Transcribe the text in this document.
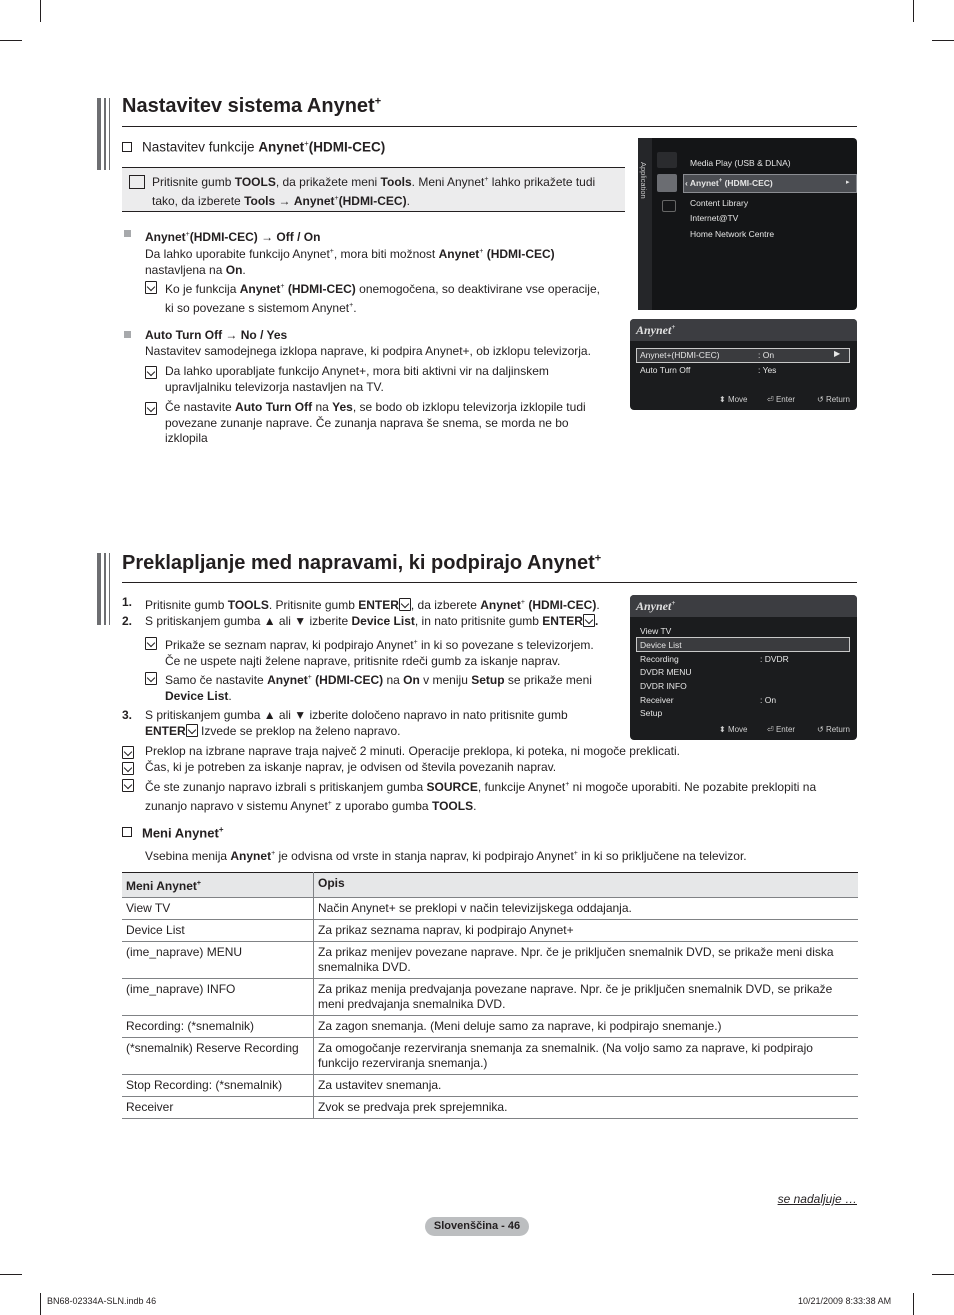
Nastavitev sistema Anynet+
Nastavitev funkcije Anynet+(HDMI-CEC)
Pritisnite gumb TOOLS, da prikažete meni Tools. Meni Anynet+ lahko prikažete tudi
tako, da izberete Tools → Anynet+(HDMI-CEC).
Anynet+(HDMI-CEC) → Off / On
Da lahko uporabite funkcijo Anynet+, mora biti možnost Anynet+ (HDMI-CEC)
nastavljena na On.
Ko je funkcija Anynet+ (HDMI-CEC) onemogočena, so deaktivirane vse operacije,
ki so povezane s sistemom Anynet+.
Auto Turn Off → No / Yes
Nastavitev samodejnega izklopa naprave, ki podpira Anynet+, ob izklopu televizorja.
Da lahko uporabljate funkcijo Anynet+, mora biti aktivni vir na daljinskem
upravljalniku televizorja nastavljen na TV.
Če nastavite Auto Turn Off na Yes, se bodo ob izklopu televizorja izklopile tudi
povezane zunanje naprave. Če zunanja naprava še snema, se morda ne bo
izklopila
Application	Media Play (USB & DLNA)
‹ Anynet+ (HDMI-CEC)	▸
Content Library
Internet@TV
Home Network Centre
Anynet+
Anynet+(HDMI-CEC)	: On	▶
Auto Turn Off	: Yes
⬍ Move ⏎ Enter	↺ Return
Preklapljanje med napravami, ki podpirajo Anynet+
1. Pritisnite gumb TOOLS. Pritisnite gumb ENTER , da izberete Anynet+ (HDMI-CEC).
2. S pritiskanjem gumba ▲ ali ▼ izberite Device List, in nato pritisnite gumb ENTER .
Prikaže se seznam naprav, ki podpirajo Anynet+ in ki so povezane s televizorjem.
Če ne uspete najti želene naprave, pritisnite rdeči gumb za iskanje naprav.
Samo če nastavite Anynet+ (HDMI-CEC) na On v meniju Setup se prikaže meni
Device List.
3. S pritiskanjem gumba ▲ ali ▼ izberite določeno napravo in nato pritisnite gumb
ENTER Izvede se preklop na želeno napravo.
Preklop na izbrane naprave traja največ 2 minuti. Operacije preklopa, ki poteka, ni mogoče preklicati.
Čas, ki je potreben za iskanje naprav, je odvisen od števila povezanih naprav.
Če ste zunanjo napravo izbrali s pritiskanjem gumba SOURCE, funkcije Anynet+ ni mogoče uporabiti. Ne pozabite preklopiti na
zunanjo napravo v sistemu Anynet+ z uporabo gumba TOOLS.
Anynet+
View TV
Device List
Recording	: DVDR
DVDR MENU
DVDR INFO
Receiver	: On
Setup
⬍ Move ⏎ Enter	↺ Return
Meni Anynet+
Vsebina menija Anynet+ je odvisna od vrste in stanja naprav, ki podpirajo Anynet+ in ki so priključene na televizor.
Meni Anynet+	Opis
View TV	Način Anynet+ se preklopi v način televizijskega oddajanja.
Device List	Za prikaz seznama naprav, ki podpirajo Anynet+
(ime_naprave) MENU	Za prikaz menijev povezane naprave. Npr. če je priključen snemalnik DVD, se prikaže meni diska snemalnika DVD.
(ime_naprave) INFO	Za prikaz menija predvajanja povezane naprave. Npr. če je priključen snemalnik DVD, se prikaže meni predvajanja snemalnika DVD.
Recording: (*snemalnik)	Za zagon snemanja. (Meni deluje samo za naprave, ki podpirajo snemanje.)
(*snemalnik) Reserve Recording	Za omogočanje rezerviranja snemanja za snemalnik. (Na voljo samo za naprave, ki podpirajo funkcijo rezerviranja snemanja.)
Stop Recording: (*snemalnik)	Za ustavitev snemanja.
Receiver	Zvok se predvaja prek sprejemnika.
se nadaljuje …
Slovenščina - 46
BN68-02334A-SLN.indb 46	10/21/2009 8:33:38 AM
